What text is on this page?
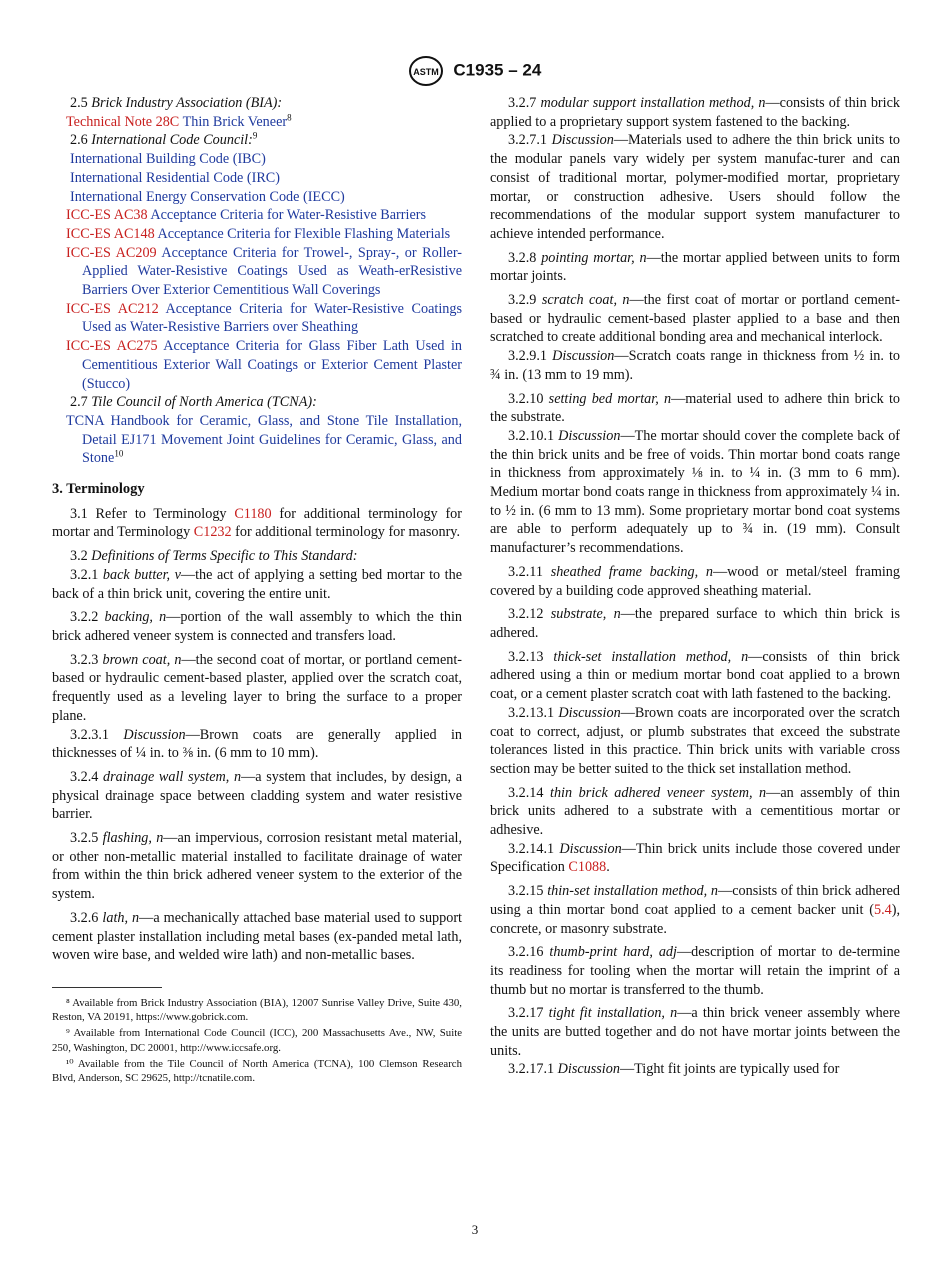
ASTM C1935 – 24

2.5 Brick Industry Association (BIA):

Technical Note 28C Thin Brick Veneer$^8$

2.6 International Code Council:$^9$

International Building Code (IBC)

International Residential Code (IRC)

International Energy Conservation Code (IECC)

ICC-ES AC38 Acceptance Criteria for Water-Resistive Barriers

ICC-ES AC148 Acceptance Criteria for Flexible Flashing Materials

ICC-ES AC209 Acceptance Criteria for Trowel-, Spray-, or Roller-Applied Water-Resistive Coatings Used as Weath-erResistive Barriers Over Exterior Cementitious Wall Coverings

ICC-ES AC212 Acceptance Criteria for Water-Resistive Coatings Used as Water-Resistive Barriers over Sheathing

ICC-ES AC275 Acceptance Criteria for Glass Fiber Lath Used in Cementitious Exterior Wall Coatings or Exterior Cement Plaster (Stucco)

2.7 Tile Council of North America (TCNA):

TCNA Handbook for Ceramic, Glass, and Stone Tile Installation, Detail EJ171 Movement Joint Guidelines for Ceramic, Glass, and Stone$^{10}$

3. Terminology

3.1 Refer to Terminology C1180 for additional terminology for mortar and Terminology C1232 for additional terminology for masonry.

3.2 Definitions of Terms Specific to This Standard:

3.2.1 back butter, v—the act of applying a setting bed mortar to the back of a thin brick unit, covering the entire unit.

3.2.2 backing, n—portion of the wall assembly to which the thin brick adhered veneer system is connected and transfers load.

3.2.3 brown coat, n—the second coat of mortar, or portland cement-based or hydraulic cement-based plaster, applied over the scratch coat, frequently used as a leveling layer to bring the surface to a proper plane.

3.2.3.1 Discussion—Brown coats are generally applied in thicknesses of ¼ in. to ⅜ in. (6 mm to 10 mm).

3.2.4 drainage wall system, n—a system that includes, by design, a physical drainage space between cladding system and water resistive barrier.

3.2.5 flashing, n—an impervious, corrosion resistant metal material, or other non-metallic material installed to facilitate drainage of water from within the thin brick adhered veneer system to the exterior of the system.

3.2.6 lath, n—a mechanically attached base material used to support cement plaster installation including metal bases (ex-panded metal lath, woven wire base, and welded wire lath) and non-metallic bases.

⁸ Available from Brick Industry Association (BIA), 12007 Sunrise Valley Drive, Suite 430, Reston, VA 20191, https://www.gobrick.com.

⁹ Available from International Code Council (ICC), 200 Massachusetts Ave., NW, Suite 250, Washington, DC 20001, http://www.iccsafe.org.

¹⁰ Available from the Tile Council of North America (TCNA), 100 Clemson Research Blvd, Anderson, SC 29625, http://tcnatile.com.

3.2.7 modular support installation method, n—consists of thin brick applied to a proprietary support system fastened to the backing.

3.2.7.1 Discussion—Materials used to adhere the thin brick units to the modular panels vary widely per system manufac-turer and can consist of traditional mortar, polymer-modified mortar, proprietary mortar, or construction adhesive. Users should follow the recommendations of the modular support system manufacturer to achieve intended performance.

3.2.8 pointing mortar, n—the mortar applied between units to form mortar joints.

3.2.9 scratch coat, n—the first coat of mortar or portland cement-based or hydraulic cement-based plaster applied to a base and then scratched to create additional bonding area and mechanical interlock.

3.2.9.1 Discussion—Scratch coats range in thickness from ½ in. to ¾ in. (13 mm to 19 mm).

3.2.10 setting bed mortar, n—material used to adhere thin brick to the substrate.

3.2.10.1 Discussion—The mortar should cover the complete back of the thin brick units and be free of voids. Thin mortar bond coats range in thickness from approximately ⅛ in. to ¼ in. (3 mm to 6 mm). Medium mortar bond coats range in thickness from approximately ¼ in. to ½ in. (6 mm to 13 mm). Some proprietary mortar bond coat systems are able to perform adequately up to ¾ in. (19 mm). Consult manufacturer’s recommendations.

3.2.11 sheathed frame backing, n—wood or metal/steel framing covered by a building code approved sheathing material.

3.2.12 substrate, n—the prepared surface to which thin brick is adhered.

3.2.13 thick-set installation method, n—consists of thin brick adhered using a thin or medium mortar bond coat applied to a brown coat, or a cement plaster scratch coat with lath fastened to the backing.

3.2.13.1 Discussion—Brown coats are incorporated over the scratch coat to correct, adjust, or plumb substrates that exceed the substrate tolerances listed in this practice. Thin brick units with variable cross section may be better suited to the thick set installation method.

3.2.14 thin brick adhered veneer system, n—an assembly of thin brick units adhered to a substrate with a cementitious mortar or adhesive.

3.2.14.1 Discussion—Thin brick units include those covered under Specification C1088.

3.2.15 thin-set installation method, n—consists of thin brick adhered using a thin mortar bond coat applied to a cement backer unit (5.4), concrete, or masonry substrate.

3.2.16 thumb-print hard, adj—description of mortar to de-termine its readiness for tooling when the mortar will retain the imprint of a thumb but no mortar is transferred to the thumb.

3.2.17 tight fit installation, n—a thin brick veneer assembly where the units are butted together and do not have mortar joints between the units.

3.2.17.1 Discussion—Tight fit joints are typically used for

3
